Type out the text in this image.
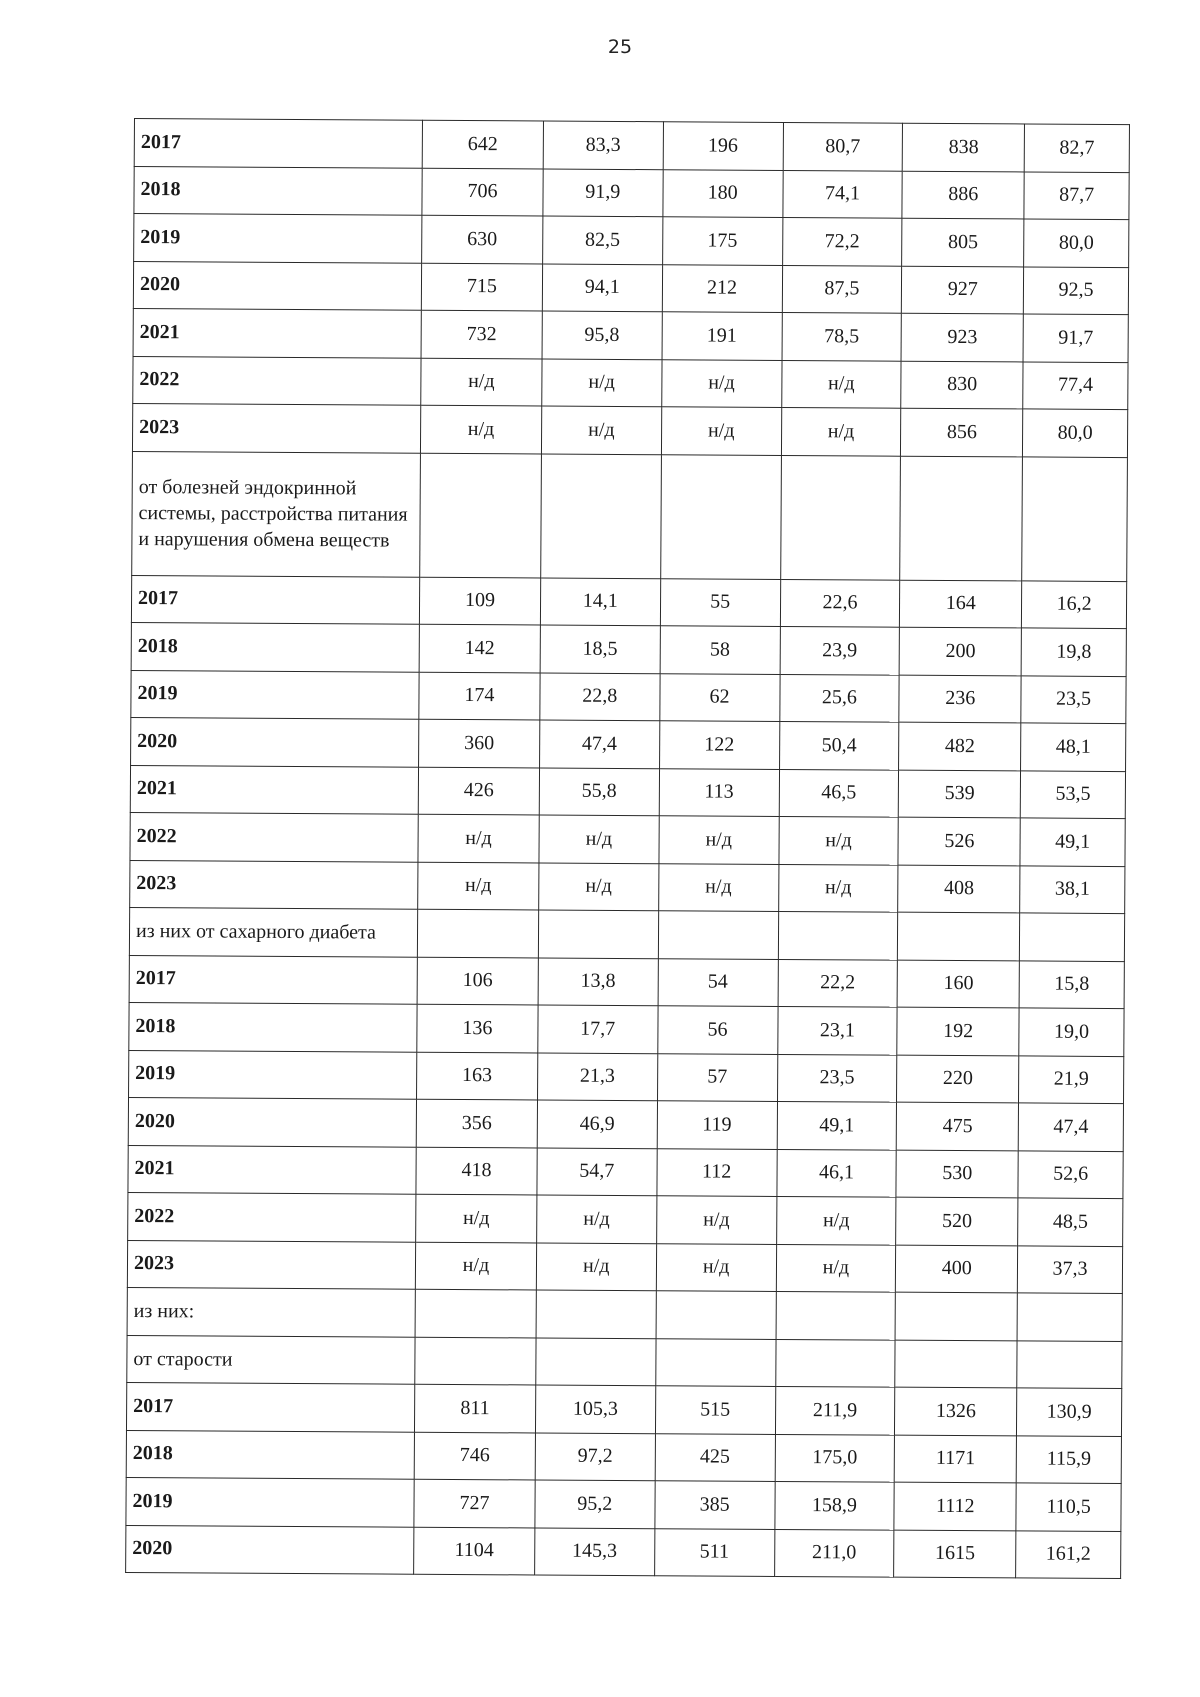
25
2017	642	83,3	196	80,7	838	82,7
2018	706	91,9	180	74,1	886	87,7
2019	630	82,5	175	72,2	805	80,0
2020	715	94,1	212	87,5	927	92,5
2021	732	95,8	191	78,5	923	91,7
2022	н/д	н/д	н/д	н/д	830	77,4
2023	н/д	н/д	н/д	н/д	856	80,0
от болезней эндокринной системы, расстройства питания и нарушения обмена веществ						
2017	109	14,1	55	22,6	164	16,2
2018	142	18,5	58	23,9	200	19,8
2019	174	22,8	62	25,6	236	23,5
2020	360	47,4	122	50,4	482	48,1
2021	426	55,8	113	46,5	539	53,5
2022	н/д	н/д	н/д	н/д	526	49,1
2023	н/д	н/д	н/д	н/д	408	38,1
из них от сахарного диабета						
2017	106	13,8	54	22,2	160	15,8
2018	136	17,7	56	23,1	192	19,0
2019	163	21,3	57	23,5	220	21,9
2020	356	46,9	119	49,1	475	47,4
2021	418	54,7	112	46,1	530	52,6
2022	н/д	н/д	н/д	н/д	520	48,5
2023	н/д	н/д	н/д	н/д	400	37,3
из них:						
от старости						
2017	811	105,3	515	211,9	1326	130,9
2018	746	97,2	425	175,0	1171	115,9
2019	727	95,2	385	158,9	1112	110,5
2020	1104	145,3	511	211,0	1615	161,2
